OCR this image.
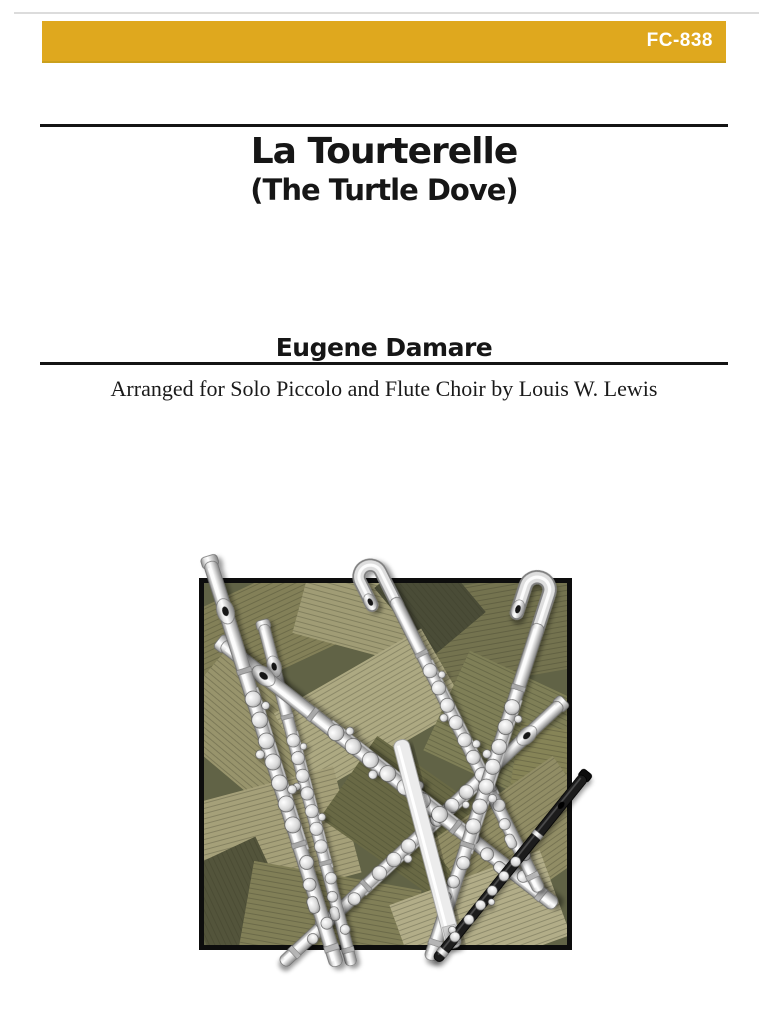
FC-838
La Tourterelle
(The Turtle Dove)
Eugene Damare
Arranged for Solo Piccolo and Flute Choir by Louis W. Lewis
